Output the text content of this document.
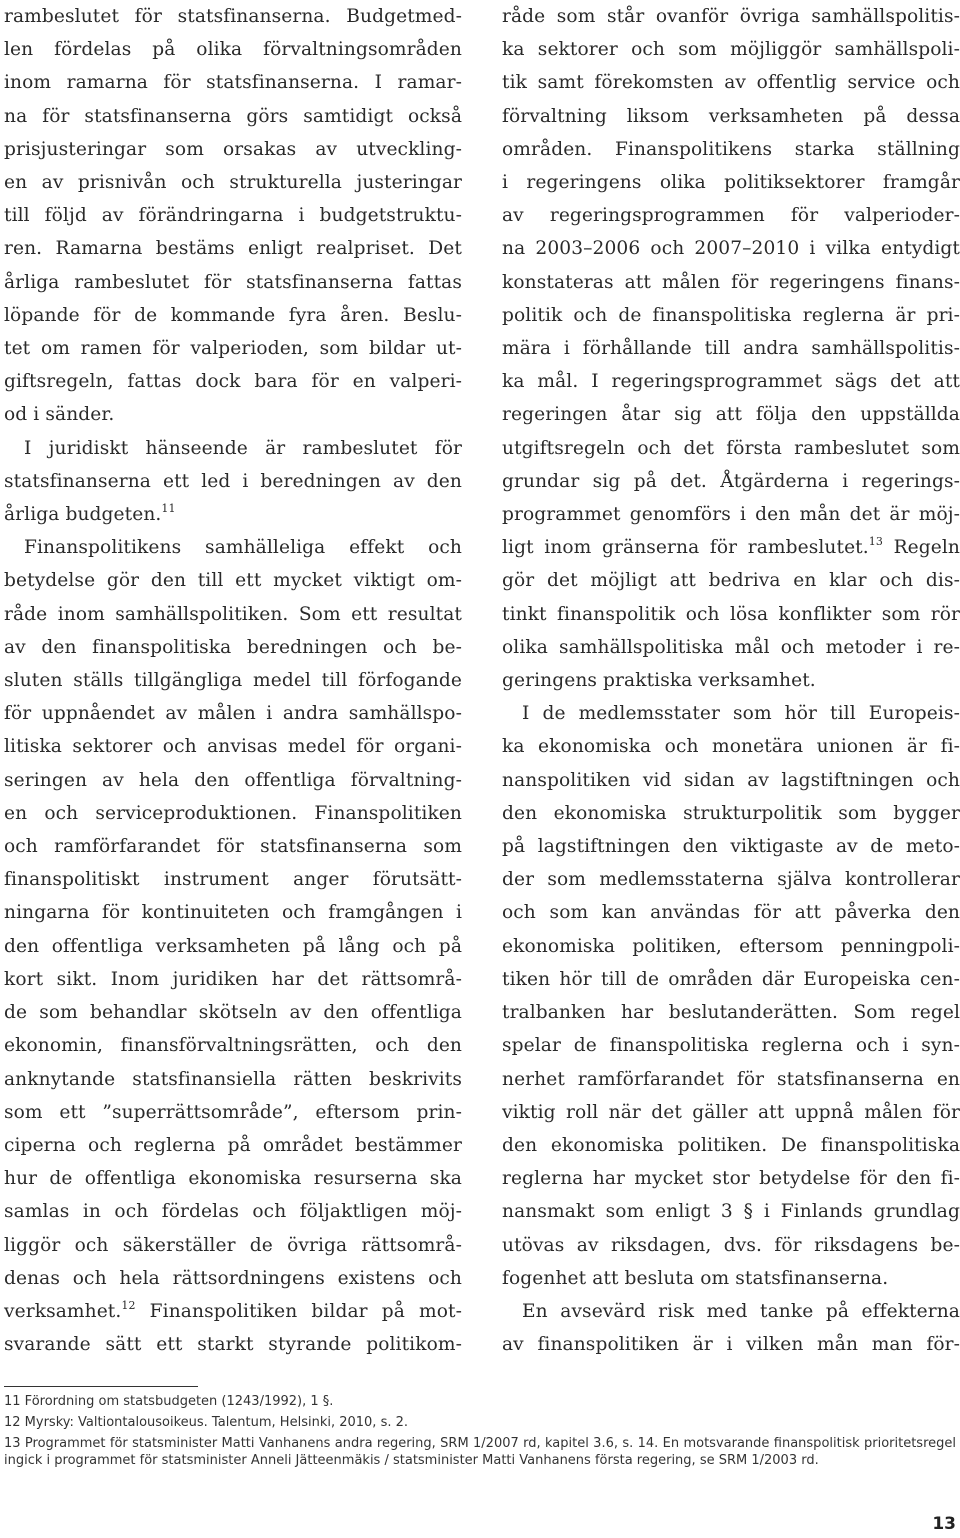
rambeslutet för statsfinanserna. Budgetmed-
len fördelas på olika förvaltningsområden
inom ramarna för statsfinanserna. I ramar-
na för statsfinanserna görs samtidigt också
prisjusteringar som orsakas av utveckling-
en av prisnivån och strukturella justeringar
till följd av förändringarna i budgetstruktu-
ren. Ramarna bestäms enligt realpriset. Det
årliga rambeslutet för statsfinanserna fattas
löpande för de kommande fyra åren. Beslu-
tet om ramen för valperioden, som bildar ut-
giftsregeln, fattas dock bara för en valperi-
od i sänder.
I juridiskt hänseende är rambeslutet för
statsfinanserna ett led i beredningen av den
årliga budgeten.$^{11}$
Finanspolitikens samhälleliga effekt och
betydelse gör den till ett mycket viktigt om-
råde inom samhällspolitiken. Som ett resultat
av den finanspolitiska beredningen och be-
sluten ställs tillgängliga medel till förfogande
för uppnåendet av målen i andra samhällspo-
litiska sektorer och anvisas medel för organi-
seringen av hela den offentliga förvaltning-
en och serviceproduktionen. Finanspolitiken
och ramförfarandet för statsfinanserna som
finanspolitiskt instrument anger förutsätt-
ningarna för kontinuiteten och framgången i
den offentliga verksamheten på lång och på
kort sikt. Inom juridiken har det rättsområ-
de som behandlar skötseln av den offentliga
ekonomin, finansförvaltningsrätten, och den
anknytande statsfinansiella rätten beskrivits
som ett ”superrättsområde”, eftersom prin-
ciperna och reglerna på området bestämmer
hur de offentliga ekonomiska resurserna ska
samlas in och fördelas och följaktligen möj-
liggör och säkerställer de övriga rättsområ-
denas och hela rättsordningens existens och
verksamhet.$^{12}$ Finanspolitiken bildar på mot-
svarande sätt ett starkt styrande politikom-
råde som står ovanför övriga samhällspolitis-
ka sektorer och som möjliggör samhällspoli-
tik samt förekomsten av offentlig service och
förvaltning liksom verksamheten på dessa
områden. Finanspolitikens starka ställning
i regeringens olika politiksektorer framgår
av regeringsprogrammen för valperioder-
na 2003–2006 och 2007–2010 i vilka entydigt
konstateras att målen för regeringens finans-
politik och de finanspolitiska reglerna är pri-
mära i förhållande till andra samhällspolitis-
ka mål. I regeringsprogrammet sägs det att
regeringen åtar sig att följa den uppställda
utgiftsregeln och det första rambeslutet som
grundar sig på det. Åtgärderna i regerings-
programmet genomförs i den mån det är möj-
ligt inom gränserna för rambeslutet.$^{13}$ Regeln
gör det möjligt att bedriva en klar och dis-
tinkt finanspolitik och lösa konflikter som rör
olika samhällspolitiska mål och metoder i re-
geringens praktiska verksamhet.
I de medlemsstater som hör till Europeis-
ka ekonomiska och monetära unionen är fi-
nanspolitiken vid sidan av lagstiftningen och
den ekonomiska strukturpolitik som bygger
på lagstiftningen den viktigaste av de meto-
der som medlemsstaterna själva kontrollerar
och som kan användas för att påverka den
ekonomiska politiken, eftersom penningpoli-
tiken hör till de områden där Europeiska cen-
tralbanken har beslutanderätten. Som regel
spelar de finanspolitiska reglerna och i syn-
nerhet ramförfarandet för statsfinanserna en
viktig roll när det gäller att uppnå målen för
den ekonomiska politiken. De finanspolitiska
reglerna har mycket stor betydelse för den fi-
nansmakt som enligt 3 § i Finlands grundlag
utövas av riksdagen, dvs. för riksdagens be-
fogenhet att besluta om statsfinanserna.
En avsevärd risk med tanke på effekterna
av finanspolitiken är i vilken mån man för-

11 Förordning om statsbudgeten (1243/1992), 1 §.

12 Myrsky: Valtiontalousoikeus. Talentum, Helsinki, 2010, s. 2.

13 Programmet för statsminister Matti Vanhanens andra regering, SRM 1/2007 rd, kapitel 3.6, s. 14. En motsvarande finanspolitisk prioritetsregel ingick i programmet för statsminister Anneli Jätteenmäkis / statsminister Matti Vanhanens första regering, se SRM 1/2003 rd.

13
